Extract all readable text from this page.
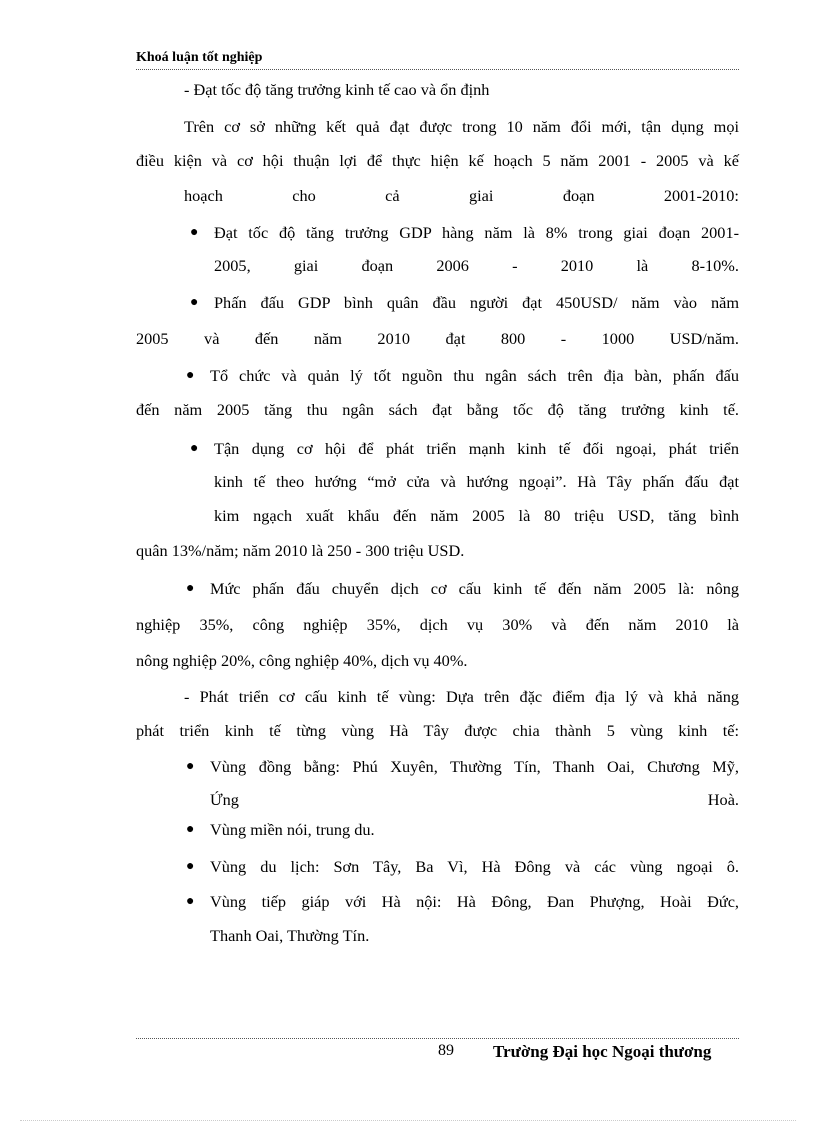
Khoá luận tốt nghiệp
- Đạt tốc độ tăng trưởng kinh tế cao và ổn định
Trên cơ sở những kết quả đạt được trong 10 năm đổi mới, tận dụng mọi
điều kiện và cơ hội thuận lợi để thực hiện kế hoạch 5 năm 2001 - 2005 và kế
hoạch	cho	cả	giai	đoạn	2001-2010:
● Đạt tốc độ tăng trưởng GDP hàng năm là 8% trong giai đoạn 2001-
2005,	giai	đoạn	2006	-	2010	là	8-10%.
● Phấn đấu GDP bình quân đầu người đạt 450USD/ năm vào năm
2005 và đến năm 2010 đạt 800 - 1000 USD/năm.
● Tổ chức và quản lý tốt nguồn thu ngân sách trên địa bàn, phấn đấu
đến năm 2005 tăng thu ngân sách đạt bằng tốc độ tăng trưởng kinh tế.
● Tận dụng cơ hội để phát triển mạnh kinh tế đối ngoại, phát triển
kinh tế theo hướng “mở cửa và hướng ngoại”. Hà Tây phấn đấu đạt
kim ngạch xuất khẩu đến năm 2005 là 80 triệu USD, tăng bình
quân 13%/năm; năm 2010 là 250 - 300 triệu USD.
● Mức phấn đấu chuyển dịch cơ cấu kinh tế đến năm 2005 là: nông
nghiệp 35%, công nghiệp 35%, dịch vụ 30% và đến năm 2010 là
nông nghiệp 20%, công nghiệp 40%, dịch vụ 40%.
- Phát triển cơ cấu kinh tế vùng: Dựa trên đặc điểm địa lý và khả năng
phát triển kinh tế từng vùng Hà Tây được chia thành 5 vùng kinh tế:
● Vùng đồng bằng: Phú Xuyên, Thường Tín, Thanh Oai, Chương Mỹ,
Ứng	Hoà.
● Vùng miền nói, trung du.
● Vùng du lịch: Sơn Tây, Ba Vì, Hà Đông và các vùng ngoại ô.
● Vùng tiếp giáp với Hà nội: Hà Đông, Đan Phượng, Hoài Đức,
Thanh Oai, Thường Tín.
89 Trường Đại học Ngoại thương
